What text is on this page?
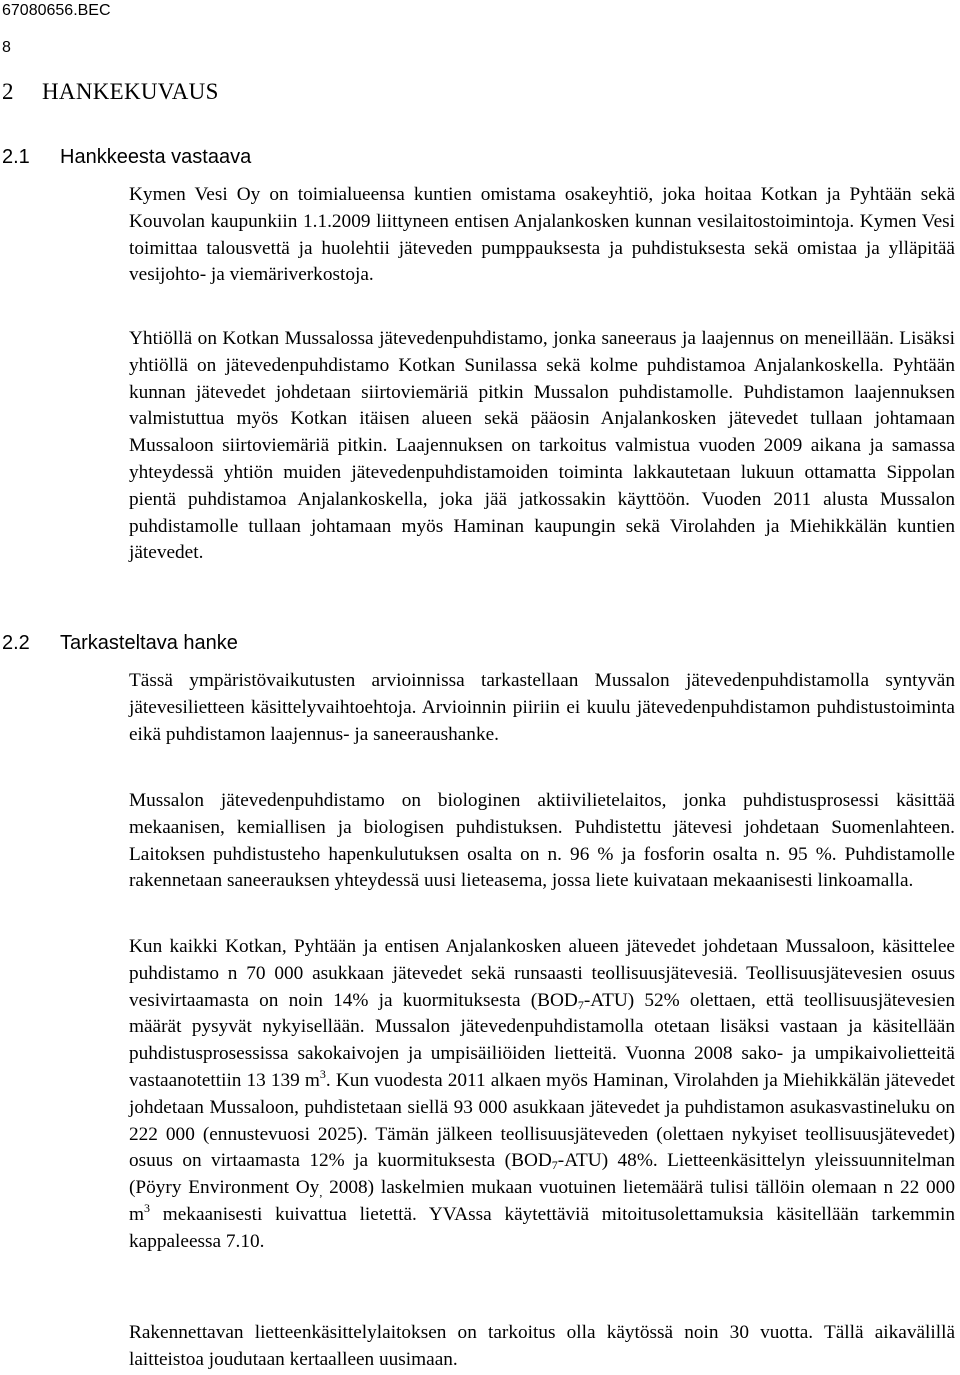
67080656.BEC
8
2 HANKEKUVAUS
2.1 Hankkeesta vastaava

Kymen Vesi Oy on toimialueensa kuntien omistama osakeyhtiö, joka hoitaa Kotkan ja Pyhtään sekä Kouvolan kaupunkiin 1.1.2009 liittyneen entisen Anjalankosken kunnan vesilaitostoimintoja. Kymen Vesi toimittaa talousvettä ja huolehtii jäteveden pumppauksesta ja puhdistuksesta sekä omistaa ja ylläpitää vesijohto- ja viemäriverkostoja.

Yhtiöllä on Kotkan Mussalossa jätevedenpuhdistamo, jonka saneeraus ja laajennus on meneillään. Lisäksi yhtiöllä on jätevedenpuhdistamo Kotkan Sunilassa sekä kolme puhdistamoa Anjalankoskella. Pyhtään kunnan jätevedet johdetaan siirtoviemäriä pitkin Mussalon puhdistamolle. Puhdistamon laajennuksen valmistuttua myös Kotkan itäisen alueen sekä pääosin Anjalankosken jätevedet tullaan johtamaan Mussaloon siirtoviemäriä pitkin. Laajennuksen on tarkoitus valmistua vuoden 2009 aikana ja samassa yhteydessä yhtiön muiden jätevedenpuhdistamoiden toiminta lakkautetaan lukuun ottamatta Sippolan pientä puhdistamoa Anjalankoskella, joka jää jatkossakin käyttöön. Vuoden 2011 alusta Mussalon puhdistamolle tullaan johtamaan myös Haminan kaupungin sekä Virolahden ja Miehikkälän kuntien jätevedet.

2.2 Tarkasteltava hanke

Tässä ympäristövaikutusten arvioinnissa tarkastellaan Mussalon jätevedenpuhdistamolla syntyvän jätevesilietteen käsittelyvaihtoehtoja. Arvioinnin piiriin ei kuulu jätevedenpuhdistamon puhdistustoiminta eikä puhdistamon laajennus- ja saneeraushanke.

Mussalon jätevedenpuhdistamo on biologinen aktiivilietelaitos, jonka puhdistusprosessi käsittää mekaanisen, kemiallisen ja biologisen puhdistuksen. Puhdistettu jätevesi johdetaan Suomenlahteen. Laitoksen puhdistusteho hapenkulutuksen osalta on n. 96 % ja fosforin osalta n. 95 %. Puhdistamolle rakennetaan saneerauksen yhteydessä uusi lieteasema, jossa liete kuivataan mekaanisesti linkoamalla.

Kun kaikki Kotkan, Pyhtään ja entisen Anjalankosken alueen jätevedet johdetaan Mussaloon, käsittelee puhdistamo n 70 000 asukkaan jätevedet sekä runsaasti teollisuusjätevesiä. Teollisuusjätevesien osuus vesivirtaamasta on noin 14% ja kuormituksesta $(BOD_7-ATU)$ 52% olettaen, että teollisuusjätevesien määrät pysyvät nykyisellään. Mussalon jätevedenpuhdistamolla otetaan lisäksi vastaan ja käsitellään puhdistusprosessissa sakokaivojen ja umpisäiliöiden lietteitä. Vuonna 2008 sako- ja umpikaivolietteitä vastaanotettiin 13 139 $m^3$. Kun vuodesta 2011 alkaen myös Haminan, Virolahden ja Miehikkälän jätevedet johdetaan Mussaloon, puhdistetaan siellä 93 000 asukkaan jätevedet ja puhdistamon asukasvastineluku on 222 000 (ennustevuosi 2025). Tämän jälkeen teollisuusjäteveden (olettaen nykyiset teollisuusjätevedet) osuus on virtaamasta 12% ja kuormituksesta $(BOD_7-ATU)$ 48%. Lietteenkäsittelyn yleissuunnitelman (Pöyry Environment $Oy_,$ 2008) laskelmien mukaan vuotuinen lietemäärä tulisi tällöin olemaan n 22 000 $m^3$ mekaanisesti kuivattua lietettä. YVAssa käytettäviä mitoitusolettamuksia käsitellään tarkemmin kappaleessa 7.10.

Rakennettavan lietteenkäsittelylaitoksen on tarkoitus olla käytössä noin 30 vuotta. Tällä aikavälillä laitteistoa joudutaan kertaalleen uusimaan.
